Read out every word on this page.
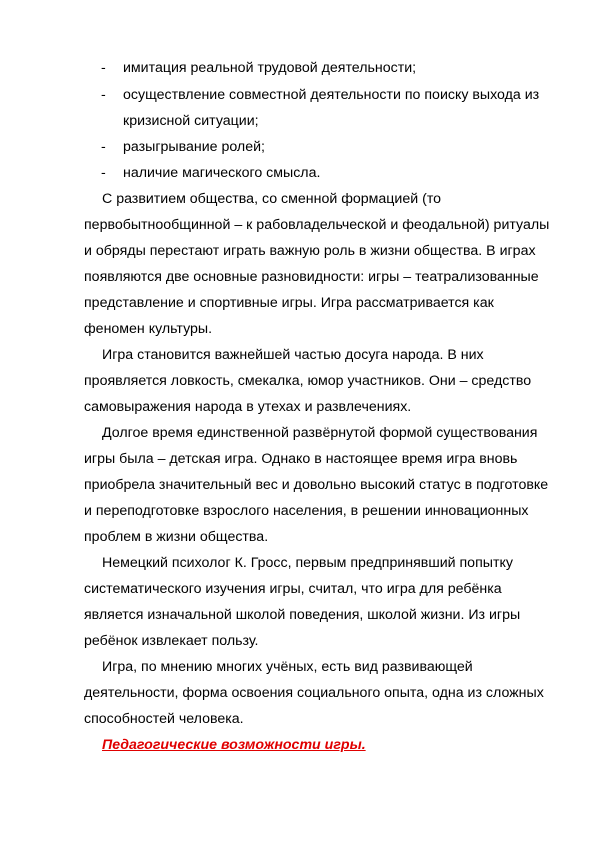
- имитация реальной трудовой деятельности;
- осуществление совместной деятельности по поиску выхода из
кризисной ситуации;
- разыгрывание ролей;
- наличие магического смысла.
С развитием общества, со сменной формацией (то
первобытнообщинной – к рабовладельческой и феодальной) ритуалы
и обряды перестают играть важную роль в жизни общества. В играх
появляются две основные разновидности: игры – театрализованные
представление и спортивные игры. Игра рассматривается как
феномен культуры.
Игра становится важнейшей частью досуга народа. В них
проявляется ловкость, смекалка, юмор участников. Они – средство
самовыражения народа в утехах и развлечениях.
Долгое время единственной развёрнутой формой существования
игры была – детская игра. Однако в настоящее время игра вновь
приобрела значительный вес и довольно высокий статус в подготовке
и переподготовке взрослого населения, в решении инновационных
проблем в жизни общества.
Немецкий психолог К. Гросс, первым предпринявший попытку
систематического изучения игры, считал, что игра для ребёнка
является изначальной школой поведения, школой жизни. Из игры
ребёнок извлекает пользу.
Игра, по мнению многих учёных, есть вид развивающей
деятельности, форма освоения социального опыта, одна из сложных
способностей человека.
Педагогические возможности игры.
